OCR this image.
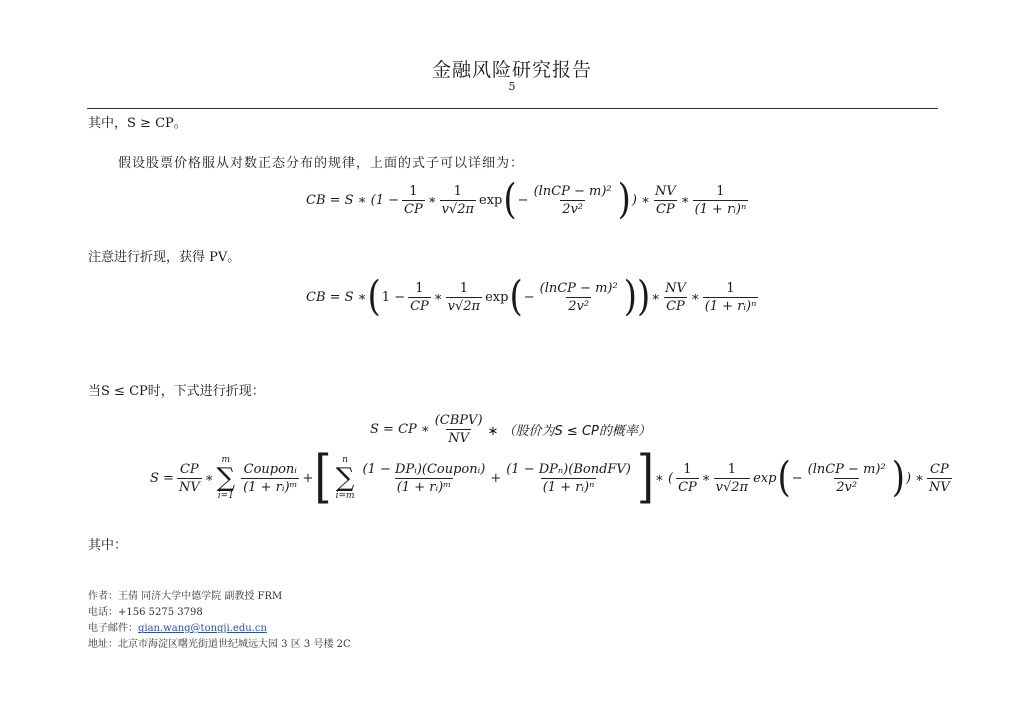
金融风险研究报告
5
其中，S ≥ CP。
假设股票价格服从对数正态分布的规律，上面的式子可以详细为：
CB = S ∗ ($1 - \frac{1}{CP}$ ∗ $\frac{1}{v√2\pi}$ exp ( − $\frac{\text{(lnCP − m)²}}{\text{2v²}}$ ) ) ∗ $\frac{NV}{CP}$ ∗ $\frac{1}{\text{(1 + rᵢ)ⁿ}}$
注意进行折现，获得 PV。
CB = S ∗ ( $1 - \frac{1}{CP}$ ∗ $\frac{1}{v√2\pi}$ exp ( − $\frac{\text{(lnCP − m)²}}{\text{2v²}}$ )) ∗ $\frac{NV}{CP}$ ∗ $\frac{1}{\text{(1 + rᵢ)ⁿ}}$
当S ≤ CP时，下式进行折现：
S = CP ∗ $\frac{\text{(CBPV)}}{NV}$ ∗ （股价为S ≤ CP的概率）
$S = \frac{CP}{NV}$ ∗
m
∑
i=1
$\frac{\text{Couponᵢ}}{\text{(1 + rᵢ)ᵐ}}$ + [ n
∑
i=m
$\frac{\text{(1 − DPᵢ)(Couponᵢ)}}{\text{(1 + rᵢ)ᵐ}} + \frac{\text{(1 − DPₙ)(BondFV)}}{\text{(1 + rᵢ)ⁿ}}$ ] ∗ ( $\frac{1}{CP}$ ∗ $\frac{1}{v√2\pi}$ exp ( − $\frac{\text{(lnCP − m)²}}{\text{2v²}}$ ) ) ∗ $\frac{CP}{NV}$
其中：
作者：王倩 同济大学中德学院 副教授 FRM
电话：+156 5275 3798
电子邮件：qian.wang@tongji.edu.cn
地址：北京市海淀区曙光街道世纪城远大园 3 区 3 号楼 2C
